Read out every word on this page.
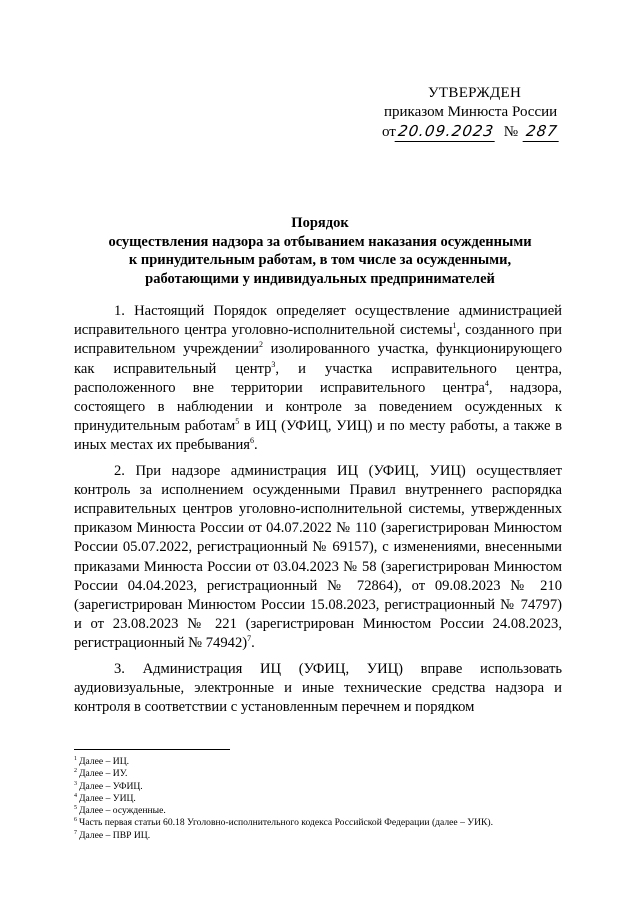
УТВЕРЖДЕН
приказом Минюста России
от 20.09.2023 № 287
Порядок
осуществления надзора за отбыванием наказания осужденными
к принудительным работам, в том числе за осужденными,
работающими у индивидуальных предпринимателей

1. Настоящий Порядок определяет осуществление администрацией исправительного центра уголовно-исполнительной системы$^1$, созданного при исправительном учреждении$^2$ изолированного участка, функционирующего как исправительный центр$^3$, и участка исправительного центра, расположенного вне территории исправительного центра$^4$, надзора, состоящего в наблюдении и контроле за поведением осужденных к принудительным работам$^5$ в ИЦ (УФИЦ, УИЦ) и по месту работы, а также в иных местах их пребывания$^6$.

2. При надзоре администрация ИЦ (УФИЦ, УИЦ) осуществляет контроль за исполнением осужденными Правил внутреннего распорядка исправительных центров уголовно-исполнительной системы, утвержденных приказом Минюста России от 04.07.2022 № 110 (зарегистрирован Минюстом России 05.07.2022, регистрационный № 69157), с изменениями, внесенными приказами Минюста России от 03.04.2023 № 58 (зарегистрирован Минюстом России 04.04.2023, регистрационный № 72864), от 09.08.2023 № 210 (зарегистрирован Минюстом России 15.08.2023, регистрационный № 74797) и от 23.08.2023 № 221 (зарегистрирован Минюстом России 24.08.2023, регистрационный № 74942)$^7$.

3. Администрация ИЦ (УФИЦ, УИЦ) вправе использовать аудиовизуальные, электронные и иные технические средства надзора и контроля в соответствии с установленным перечнем и порядком

$^1$ Далее – ИЦ.
$^2$ Далее – ИУ.
$^3$ Далее – УФИЦ.
$^4$ Далее – УИЦ.
$^5$ Далее – осужденные.
$^6$ Часть первая статьи 60.18 Уголовно-исполнительного кодекса Российской Федерации (далее – УИК).
$^7$ Далее – ПВР ИЦ.
